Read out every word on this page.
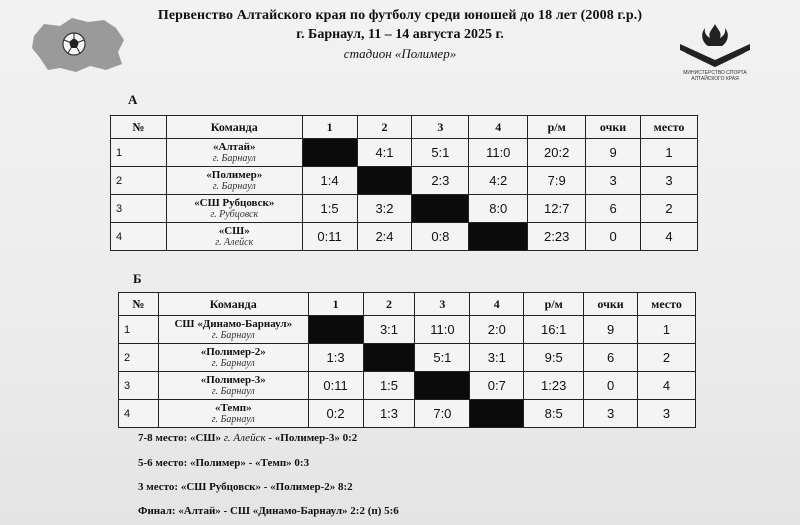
Первенство Алтайского края по футболу среди юношей до 18 лет (2008 г.р.)
г. Барнаул, 11 – 14 августа 2025 г.
стадион «Полимер»
МИНИСТЕРСТВО СПОРТА АЛТАЙСКОГО КРАЯ
А
№	Команда	1	2	3	4	р/м	очки	место
1	«Алтай»
г. Барнаул		4:1	5:1	11:0	20:2	9	1
2	«Полимер»
г. Барнаул	1:4		2:3	4:2	7:9	3	3
3	«СШ Рубцовск»
г. Рубцовск	1:5	3:2		8:0	12:7	6	2
4	«СШ»
г. Алейск	0:11	2:4	0:8		2:23	0	4
Б
№	Команда	1	2	3	4	р/м	очки	место
1	СШ «Динамо-Барнаул»
г. Барнаул		3:1	11:0	2:0	16:1	9	1
2	«Полимер-2»
г. Барнаул	1:3		5:1	3:1	9:5	6	2
3	«Полимер-3»
г. Барнаул	0:11	1:5		0:7	1:23	0	4
4	«Темп»
г. Барнаул	0:2	1:3	7:0		8:5	3	3
7-8 место: «СШ» г. Алейск - «Полимер-3» 0:2
5-6 место: «Полимер» - «Темп» 0:3
3 место: «СШ Рубцовск» - «Полимер-2» 8:2
Финал: «Алтай» - СШ «Динамо-Барнаул» 2:2 (п) 5:6
